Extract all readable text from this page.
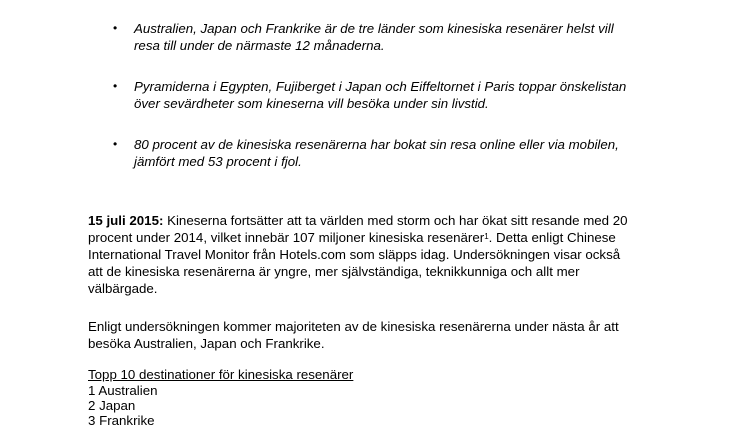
• Australien, Japan och Frankrike är de tre länder som kinesiska resenärer helst vill
resa till under de närmaste 12 månaderna.
• Pyramiderna i Egypten, Fujiberget i Japan och Eiffeltornet i Paris toppar önskelistan
över sevärdheter som kineserna vill besöka under sin livstid.
• 80 procent av de kinesiska resenärerna har bokat sin resa online eller via mobilen,
jämfört med 53 procent i fjol.
15 juli 2015: Kineserna fortsätter att ta världen med storm och har ökat sitt resande med 20
procent under 2014, vilket innebär 107 miljoner kinesiska resenärer$^1$. Detta enligt Chinese
International Travel Monitor från Hotels.com som släpps idag. Undersökningen visar också
att de kinesiska resenärerna är yngre, mer självständiga, teknikkunniga och allt mer
välbärgade.
Enligt undersökningen kommer majoriteten av de kinesiska resenärerna under nästa år att
besöka Australien, Japan och Frankrike.
Topp 10 destinationer för kinesiska resenärer
1 Australien
2 Japan
3 Frankrike
